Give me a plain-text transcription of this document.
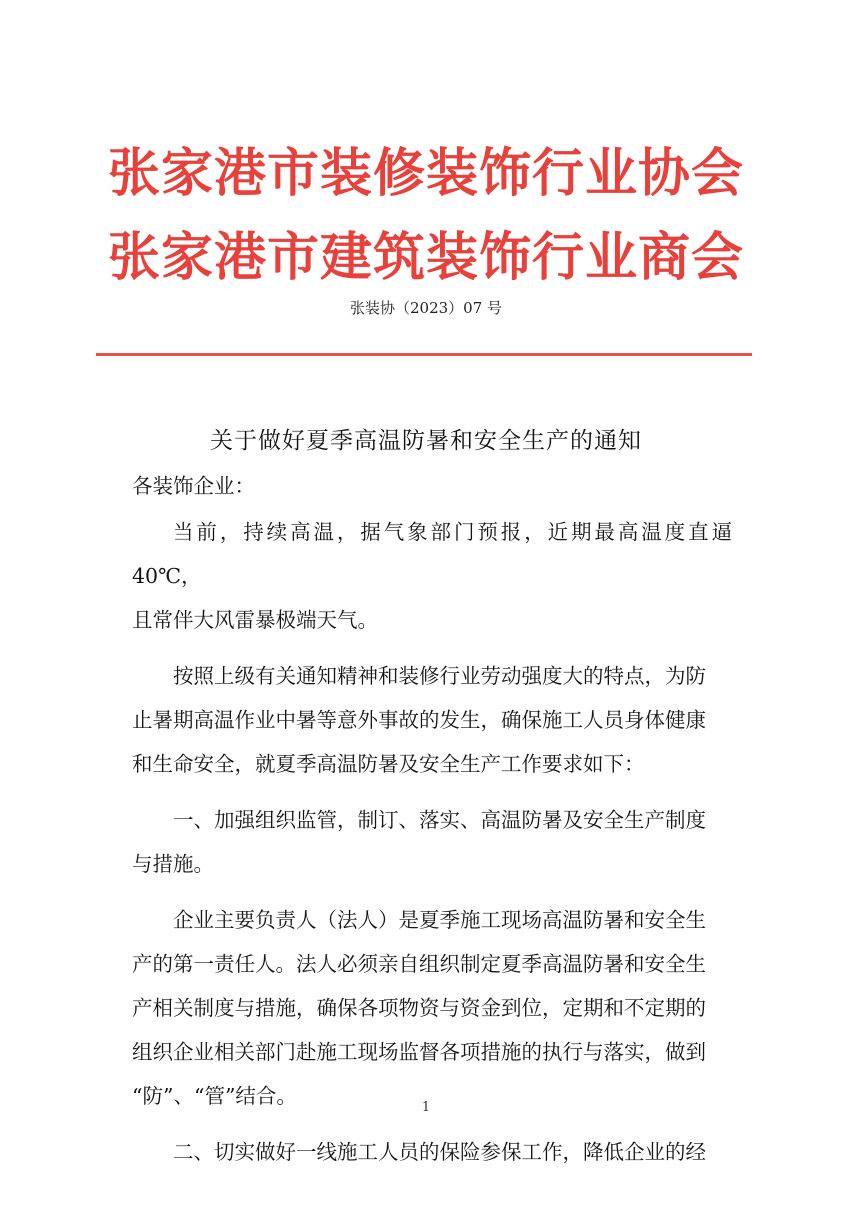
张家港市装修装饰行业协会
张家港市建筑装饰行业商会
张装协（2023）07 号
关于做好夏季高温防暑和安全生产的通知
各装饰企业：

当前，持续高温，据气象部门预报，近期最高温度直逼 40℃，
且常伴大风雷暴极端天气。

按照上级有关通知精神和装修行业劳动强度大的特点，为防
止暑期高温作业中暑等意外事故的发生，确保施工人员身体健康
和生命安全，就夏季高温防暑及安全生产工作要求如下：

一、加强组织监管，制订、落实、高温防暑及安全生产制度
与措施。

企业主要负责人（法人）是夏季施工现场高温防暑和安全生
产的第一责任人。法人必须亲自组织制定夏季高温防暑和安全生
产相关制度与措施，确保各项物资与资金到位，定期和不定期的
组织企业相关部门赴施工现场监督各项措施的执行与落实，做到
“防”、“管”结合。

二、切实做好一线施工人员的保险参保工作，降低企业的经

1
